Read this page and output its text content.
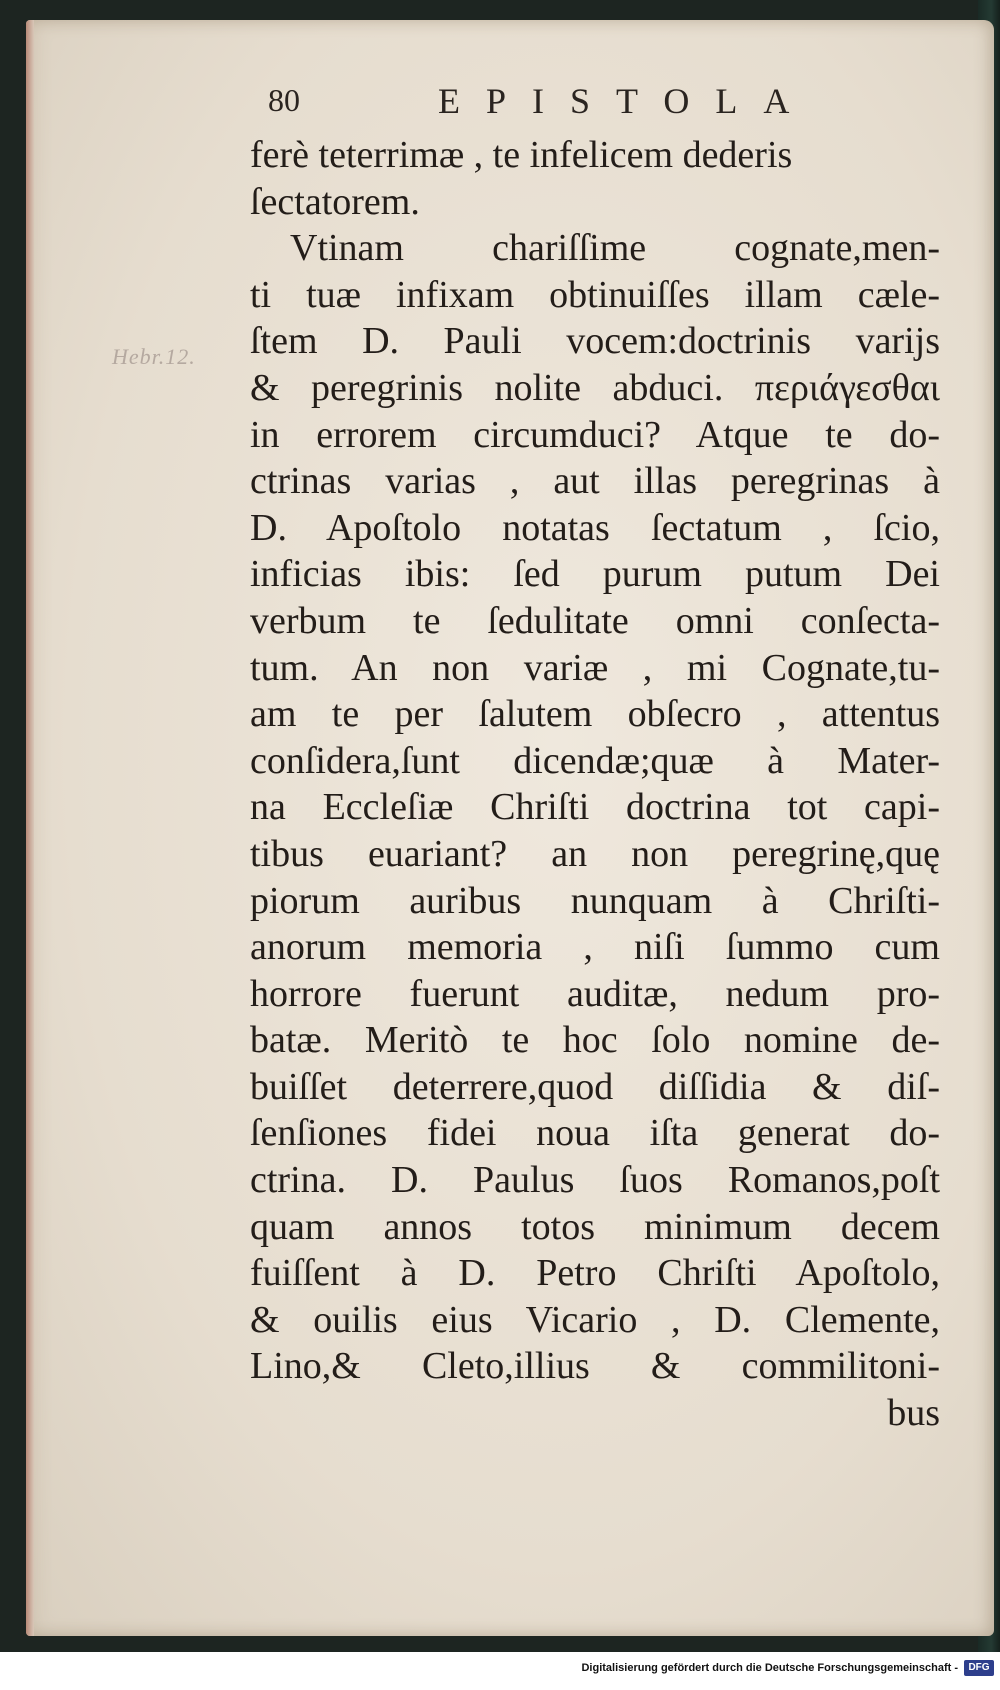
80	EPISTOLA
Hebr.12.
ferè teterrimæ , te infelicem dederis
ſectatorem.
Vtinam chariſſime cognate,men-
ti tuæ infixam obtinuiſſes illam cæle-
ſtem D. Pauli vocem:doctrinis varijs
& peregrinis nolite abduci. περιάγεσθαι
in errorem circumduci? Atque te do-
ctrinas varias , aut illas peregrinas à
D. Apoſtolo notatas ſectatum , ſcio,
inficias ibis: ſed purum putum Dei
verbum te ſedulitate omni conſecta-
tum. An non variæ , mi Cognate,tu-
am te per ſalutem obſecro , attentus
conſidera,ſunt dicendæ;quæ à Mater-
na Eccleſiæ Chriſti doctrina tot capi-
tibus euariant? an non peregrinę,quę
piorum auribus nunquam à Chriſti-
anorum memoria , niſi ſummo cum
horrore fuerunt auditæ, nedum pro-
batæ. Meritò te hoc ſolo nomine de-
buiſſet deterrere,quod diſſidia & diſ-
ſenſiones fidei noua iſta generat do-
ctrina. D. Paulus ſuos Romanos,poſt
quam annos totos minimum decem
fuiſſent à D. Petro Chriſti Apoſtolo,
& ouilis eius Vicario , D. Clemente,
Lino,& Cleto,illius & commilitoni-
bus
Digitalisierung gefördert durch die Deutsche Forschungsgemeinschaft -	DFG
